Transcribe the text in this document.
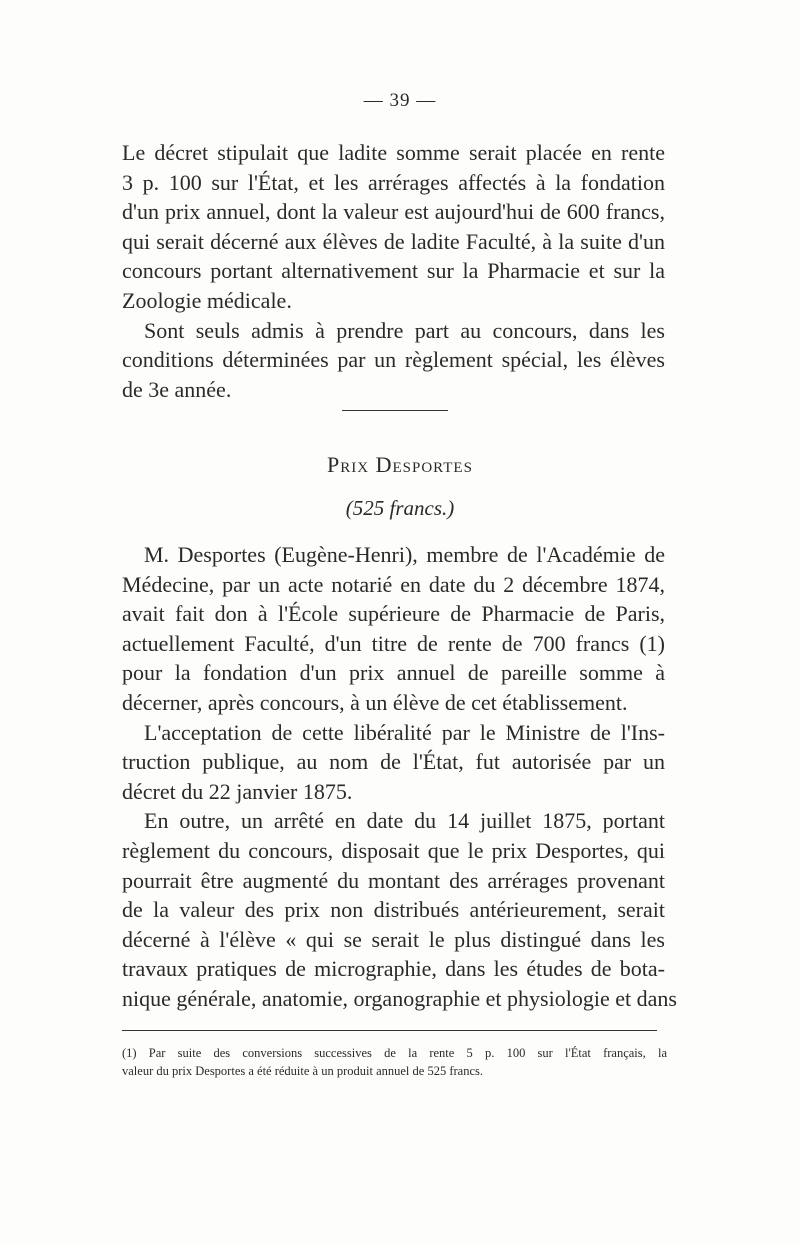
— 39 —
Le décret stipulait que ladite somme serait placée en rente
3 p. 100 sur l'État, et les arrérages affectés à la fondation
d'un prix annuel, dont la valeur est aujourd'hui de 600 francs,
qui serait décerné aux élèves de ladite Faculté, à la suite d'un
concours portant alternativement sur la Pharmacie et sur la
Zoologie médicale.
Sont seuls admis à prendre part au concours, dans les
conditions déterminées par un règlement spécial, les élèves
de 3e année.
Prix Desportes
(525 francs.)
M. Desportes (Eugène-Henri), membre de l'Académie de
Médecine, par un acte notarié en date du 2 décembre 1874,
avait fait don à l'École supérieure de Pharmacie de Paris,
actuellement Faculté, d'un titre de rente de 700 francs (1)
pour la fondation d'un prix annuel de pareille somme à
décerner, après concours, à un élève de cet établissement.
L'acceptation de cette libéralité par le Ministre de l'Ins-
truction publique, au nom de l'État, fut autorisée par un
décret du 22 janvier 1875.
En outre, un arrêté en date du 14 juillet 1875, portant
règlement du concours, disposait que le prix Desportes, qui
pourrait être augmenté du montant des arrérages provenant
de la valeur des prix non distribués antérieurement, serait
décerné à l'élève « qui se serait le plus distingué dans les
travaux pratiques de micrographie, dans les études de bota-
nique générale, anatomie, organographie et physiologie et dans
(1) Par suite des conversions successives de la rente 5 p. 100 sur l'État français, la
valeur du prix Desportes a été réduite à un produit annuel de 525 francs.
